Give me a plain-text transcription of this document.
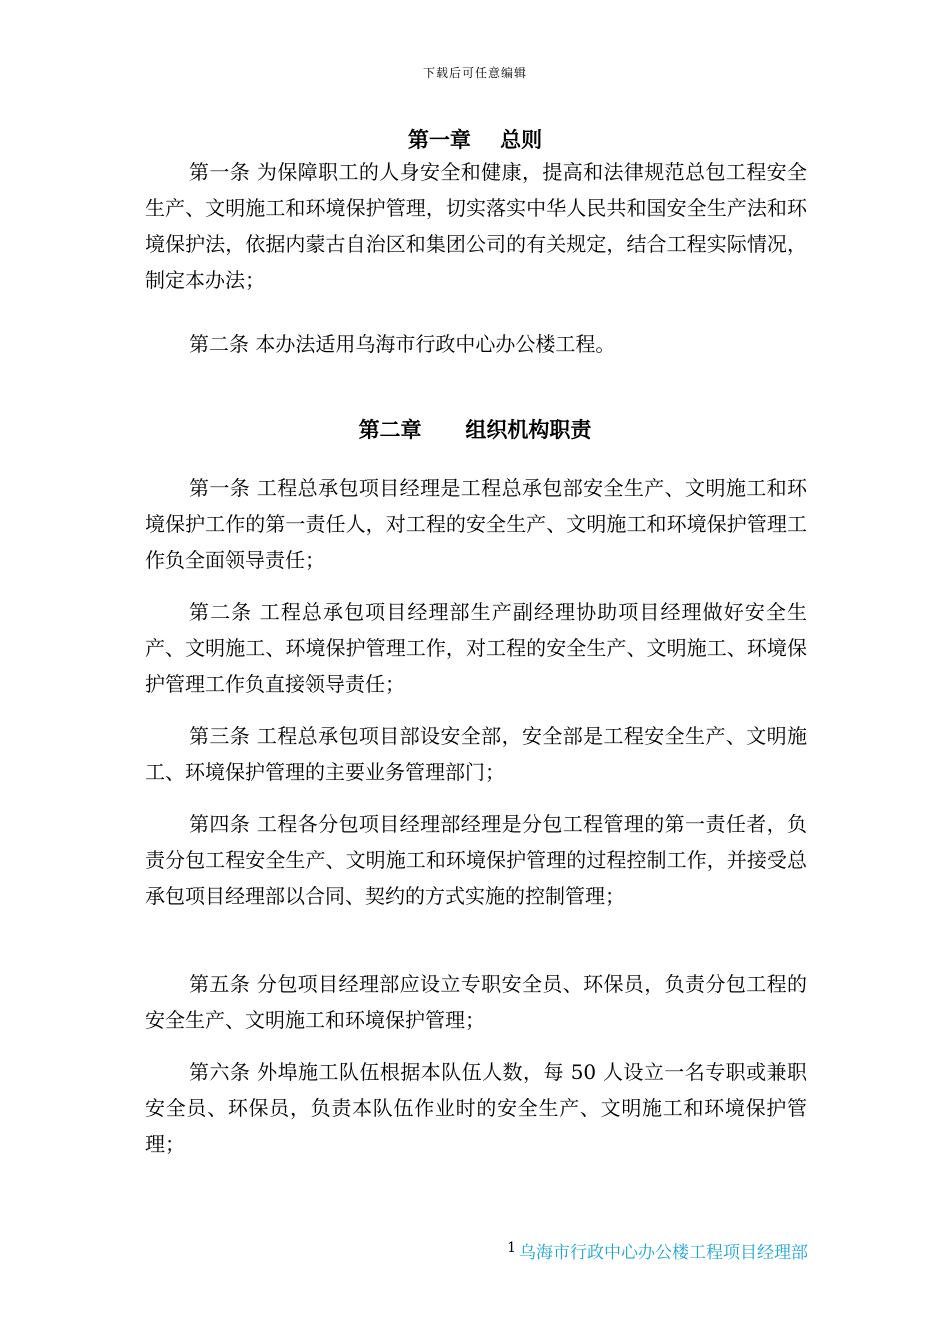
下载后可任意编辑
第一章    总则

第一条 为保障职工的人身安全和健康，提高和法律规范总包工程安全生产、文明施工和环境保护管理，切实落实中华人民共和国安全生产法和环境保护法，依据内蒙古自治区和集团公司的有关规定，结合工程实际情况，制定本办法；

第二条 本办法适用乌海市行政中心办公楼工程。

第二章      组织机构职责

第一条 工程总承包项目经理是工程总承包部安全生产、文明施工和环境保护工作的第一责任人，对工程的安全生产、文明施工和环境保护管理工作负全面领导责任；

第二条 工程总承包项目经理部生产副经理协助项目经理做好安全生产、文明施工、环境保护管理工作，对工程的安全生产、文明施工、环境保护管理工作负直接领导责任；

第三条 工程总承包项目部设安全部，安全部是工程安全生产、文明施工、环境保护管理的主要业务管理部门；

第四条 工程各分包项目经理部经理是分包工程管理的第一责任者，负责分包工程安全生产、文明施工和环境保护管理的过程控制工作，并接受总承包项目经理部以合同、契约的方式实施的控制管理；

第五条 分包项目经理部应设立专职安全员、环保员，负责分包工程的安全生产、文明施工和环境保护管理；

第六条 外埠施工队伍根据本队伍人数，每 50 人设立一名专职或兼职安全员、环保员，负责本队伍作业时的安全生产、文明施工和环境保护管理；

1 乌海市行政中心办公楼工程项目经理部
